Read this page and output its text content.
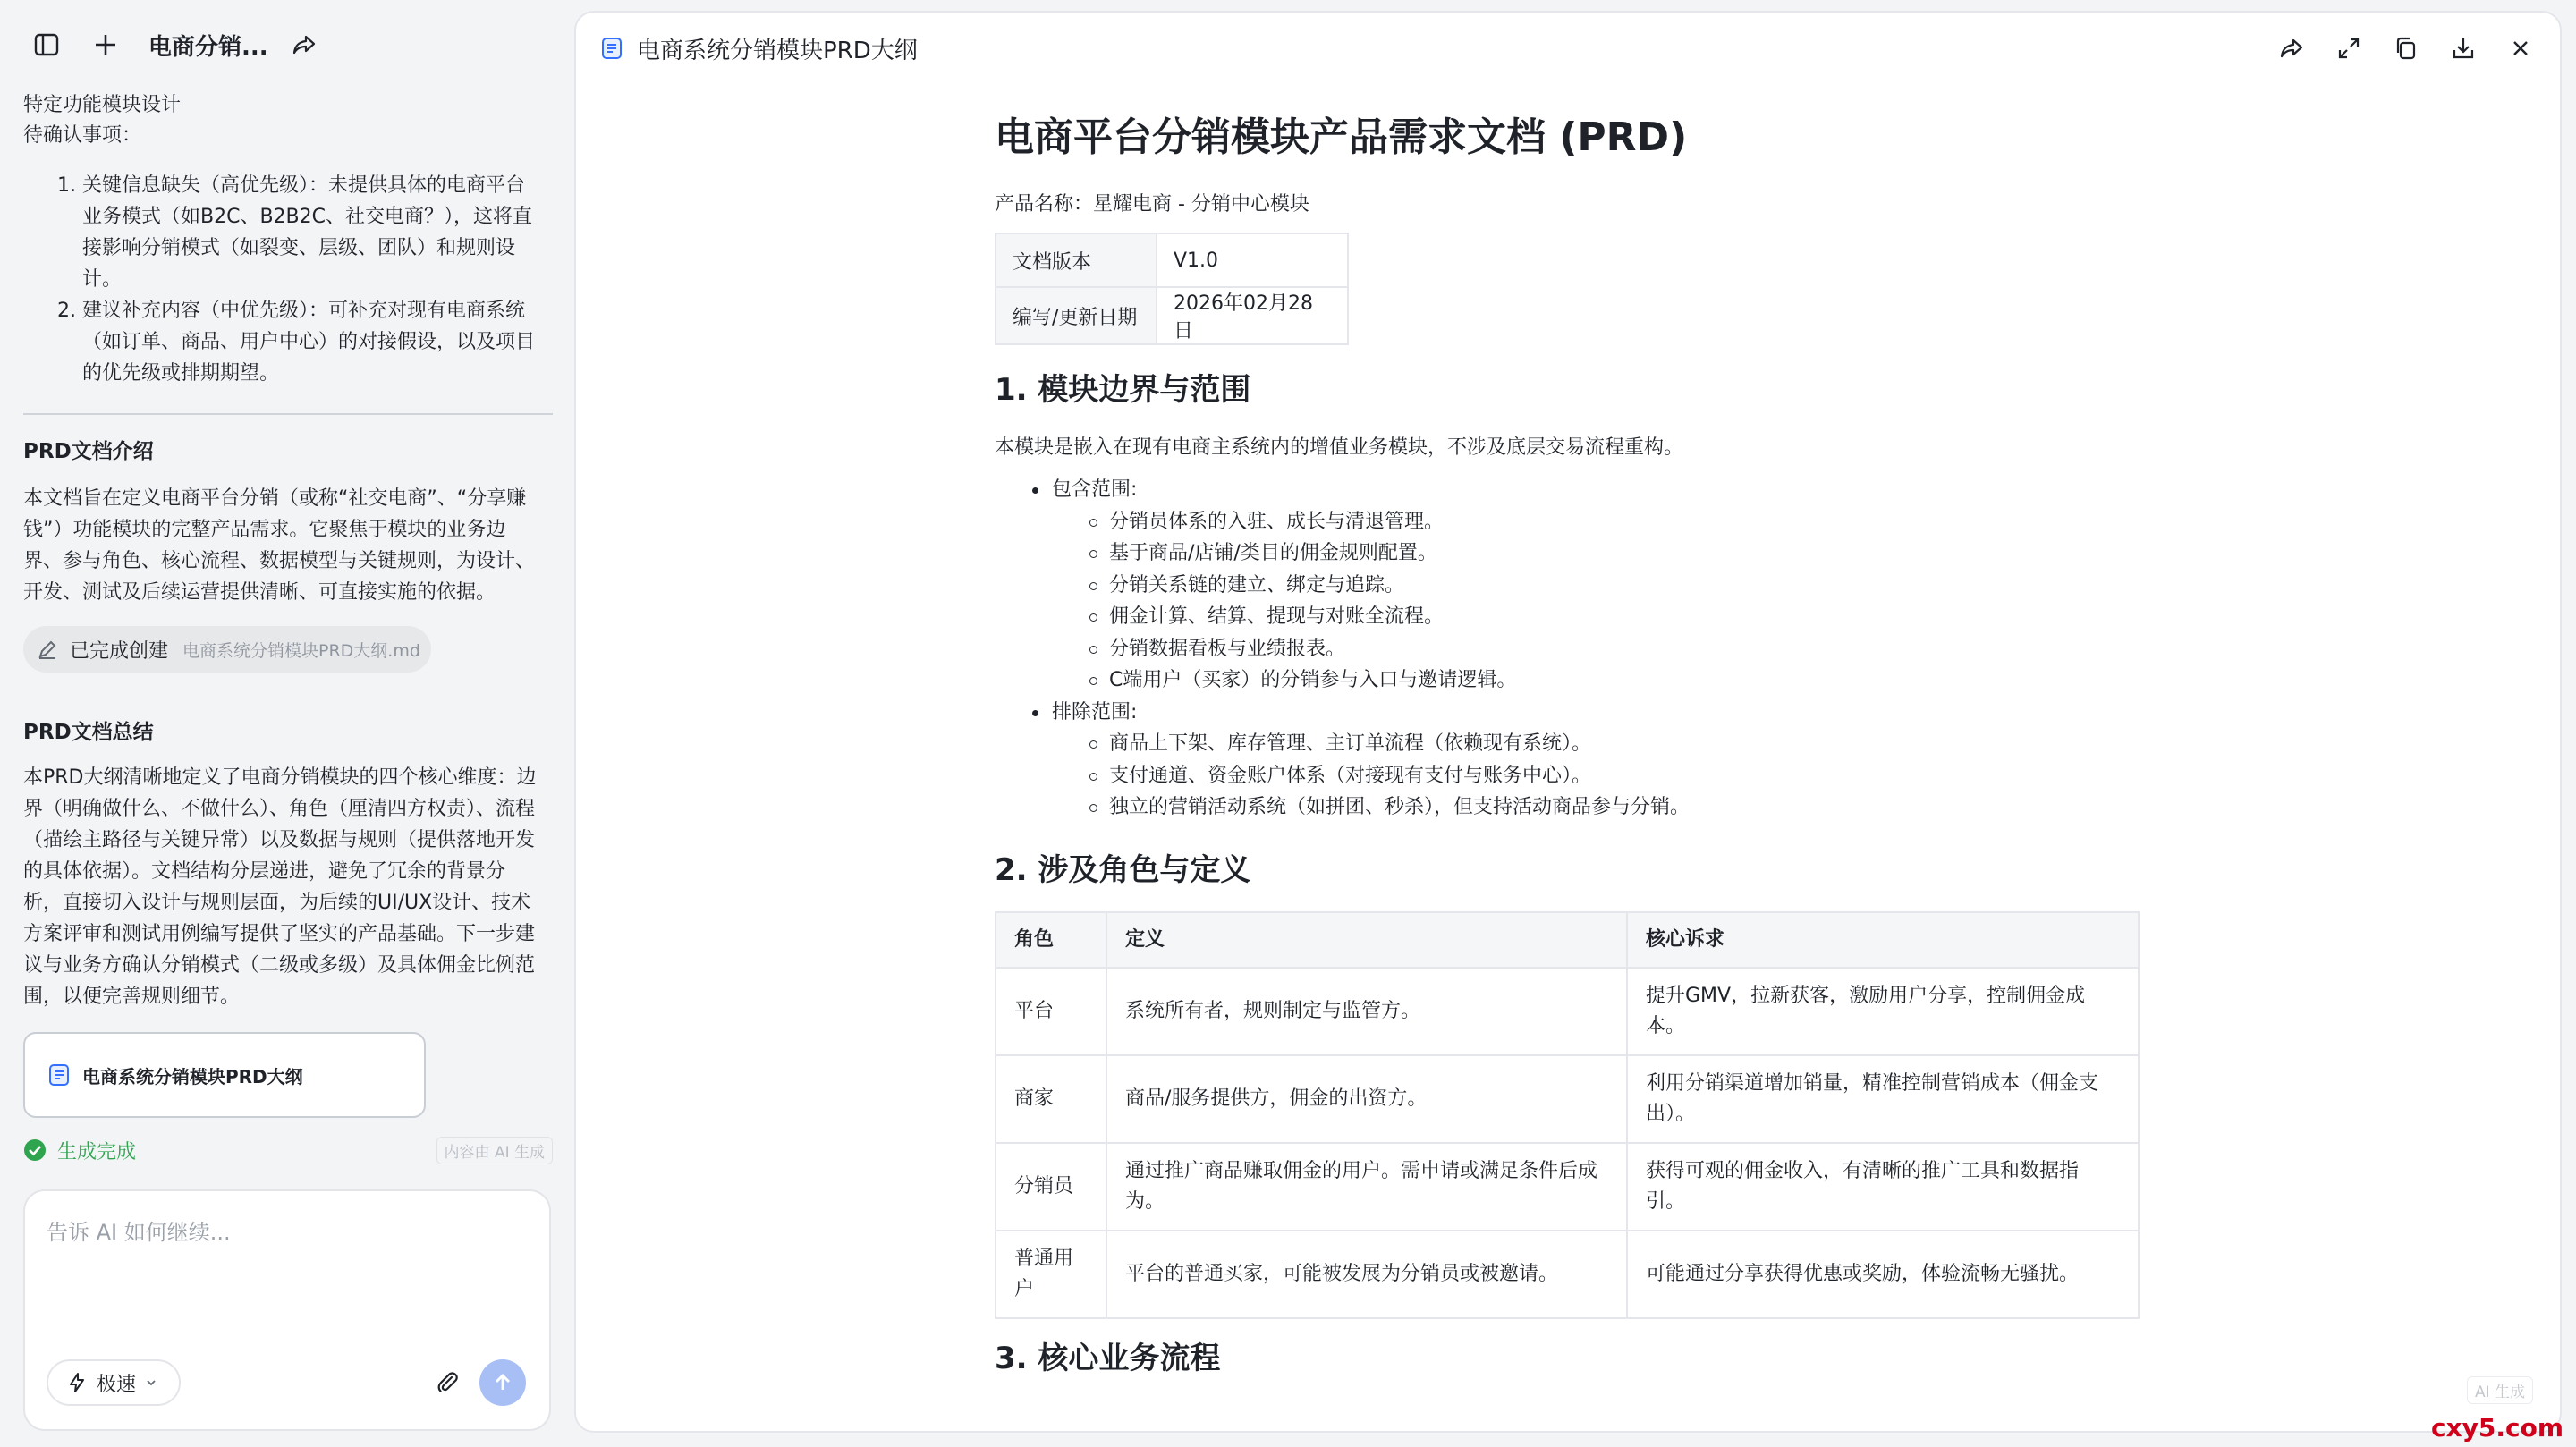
电商分销...
特定功能模块设计
待确认事项：
1. 关键信息缺失（高优先级）：未提供具体的电商平台
业务模式（如B2C、B2B2C、社交电商？），这将直
接影响分销模式（如裂变、层级、团队）和规则设
计。
2. 建议补充内容（中优先级）：可补充对现有电商系统
（如订单、商品、用户中心）的对接假设，以及项目
的优先级或排期期望。
PRD文档介绍
本文档旨在定义电商平台分销（或称“社交电商”、“分享赚
钱”）功能模块的完整产品需求。它聚焦于模块的业务边
界、参与角色、核心流程、数据模型与关键规则，为设计、
开发、测试及后续运营提供清晰、可直接实施的依据。
已完成创建 电商系统分销模块PRD大纲.md
PRD文档总结
本PRD大纲清晰地定义了电商分销模块的四个核心维度：边
界（明确做什么、不做什么）、角色（厘清四方权责）、流程
（描绘主路径与关键异常）以及数据与规则（提供落地开发
的具体依据）。文档结构分层递进，避免了冗余的背景分
析，直接切入设计与规则层面，为后续的UI/UX设计、技术
方案评审和测试用例编写提供了坚实的产品基础。下一步建
议与业务方确认分销模式（二级或多级）及具体佣金比例范
围，以便完善规则细节。
电商系统分销模块PRD大纲
生成完成	内容由 AI 生成
告诉 AI 如何继续...
极速
电商系统分销模块PRD大纲
电商平台分销模块产品需求文档 (PRD)
产品名称：星耀电商 - 分销中心模块
文档版本	V1.0
编写/更新日期	2026年02月28日
1. 模块边界与范围
本模块是嵌入在现有电商主系统内的增值业务模块，不涉及底层交易流程重构。
包含范围:
分销员体系的入驻、成长与清退管理。
基于商品/店铺/类目的佣金规则配置。
分销关系链的建立、绑定与追踪。
佣金计算、结算、提现与对账全流程。
分销数据看板与业绩报表。
C端用户（买家）的分销参与入口与邀请逻辑。
排除范围:
商品上下架、库存管理、主订单流程（依赖现有系统）。
支付通道、资金账户体系（对接现有支付与账务中心）。
独立的营销活动系统（如拼团、秒杀），但支持活动商品参与分销。
2. 涉及角色与定义
角色	定义	核心诉求
平台	系统所有者，规则制定与监管方。	提升GMV，拉新获客，激励用户分享，控制佣金成
本。

商家	商品/服务提供方，佣金的出资方。	利用分销渠道增加销量，精准控制营销成本（佣金支
出）。

分销员	通过推广商品赚取佣金的用户。需申请或满足条件后成
为。	获得可观的佣金收入，有清晰的推广工具和数据指
引。

普通用
户	平台的普通买家，可能被发展为分销员或被邀请。	可能通过分享获得优惠或奖励，体验流畅无骚扰。
3. 核心业务流程
AI 生成
cxy5.com
